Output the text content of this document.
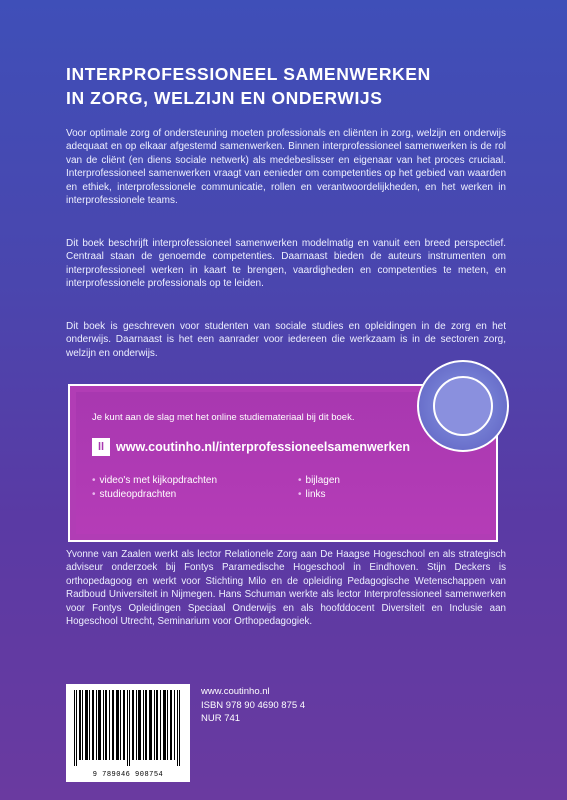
INTERPROFESSIONEEL SAMENWERKEN
IN ZORG, WELZIJN EN ONDERWIJS

Voor optimale zorg of ondersteuning moeten professionals en cliënten in zorg, welzijn en onderwijs adequaat en op elkaar afgestemd samenwerken. Binnen interprofessioneel samenwerken is de rol van de cliënt (en diens sociale netwerk) als medebeslisser en eigenaar van het proces cruciaal. Interprofessioneel samenwerken vraagt van eenieder om competenties op het gebied van waarden en ethiek, interprofessionele communicatie, rollen en verantwoordelijkheden, en het werken in interprofessionele teams.

Dit boek beschrijft interprofessioneel samenwerken modelmatig en vanuit een breed perspectief. Centraal staan de genoemde competenties. Daarnaast bieden de auteurs instrumenten om interprofessioneel werken in kaart te brengen, vaardigheden en competenties te meten, en interprofessionele professionals op te leiden.

Dit boek is geschreven voor studenten van sociale studies en opleidingen in de zorg en het onderwijs. Daarnaast is het een aanrader voor iedereen die werkzaam is in de sectoren zorg, welzijn en onderwijs.

Je kunt aan de slag met het online studiemateriaal bij dit boek.
ll www.coutinho.nl/interprofessioneelsamenwerken
• video's met kijkopdrachten
• studieopdrachten
• bijlagen
• links

Yvonne van Zaalen werkt als lector Relationele Zorg aan De Haagse Hogeschool en als strategisch adviseur onderzoek bij Fontys Paramedische Hogeschool in Eindhoven. Stijn Deckers is orthopedagoog en werkt voor Stichting Milo en de opleiding Pedagogische Wetenschappen van Radboud Universiteit in Nijmegen. Hans Schuman werkte als lector Interprofessioneel samenwerken voor Fontys Opleidingen Speciaal Onderwijs en als hoofddocent Diversiteit en Inclusie aan Hogeschool Utrecht, Seminarium voor Orthopedagogiek.

9 789046 908754
www.coutinho.nl
ISBN 978 90 4690 875 4
NUR 741
